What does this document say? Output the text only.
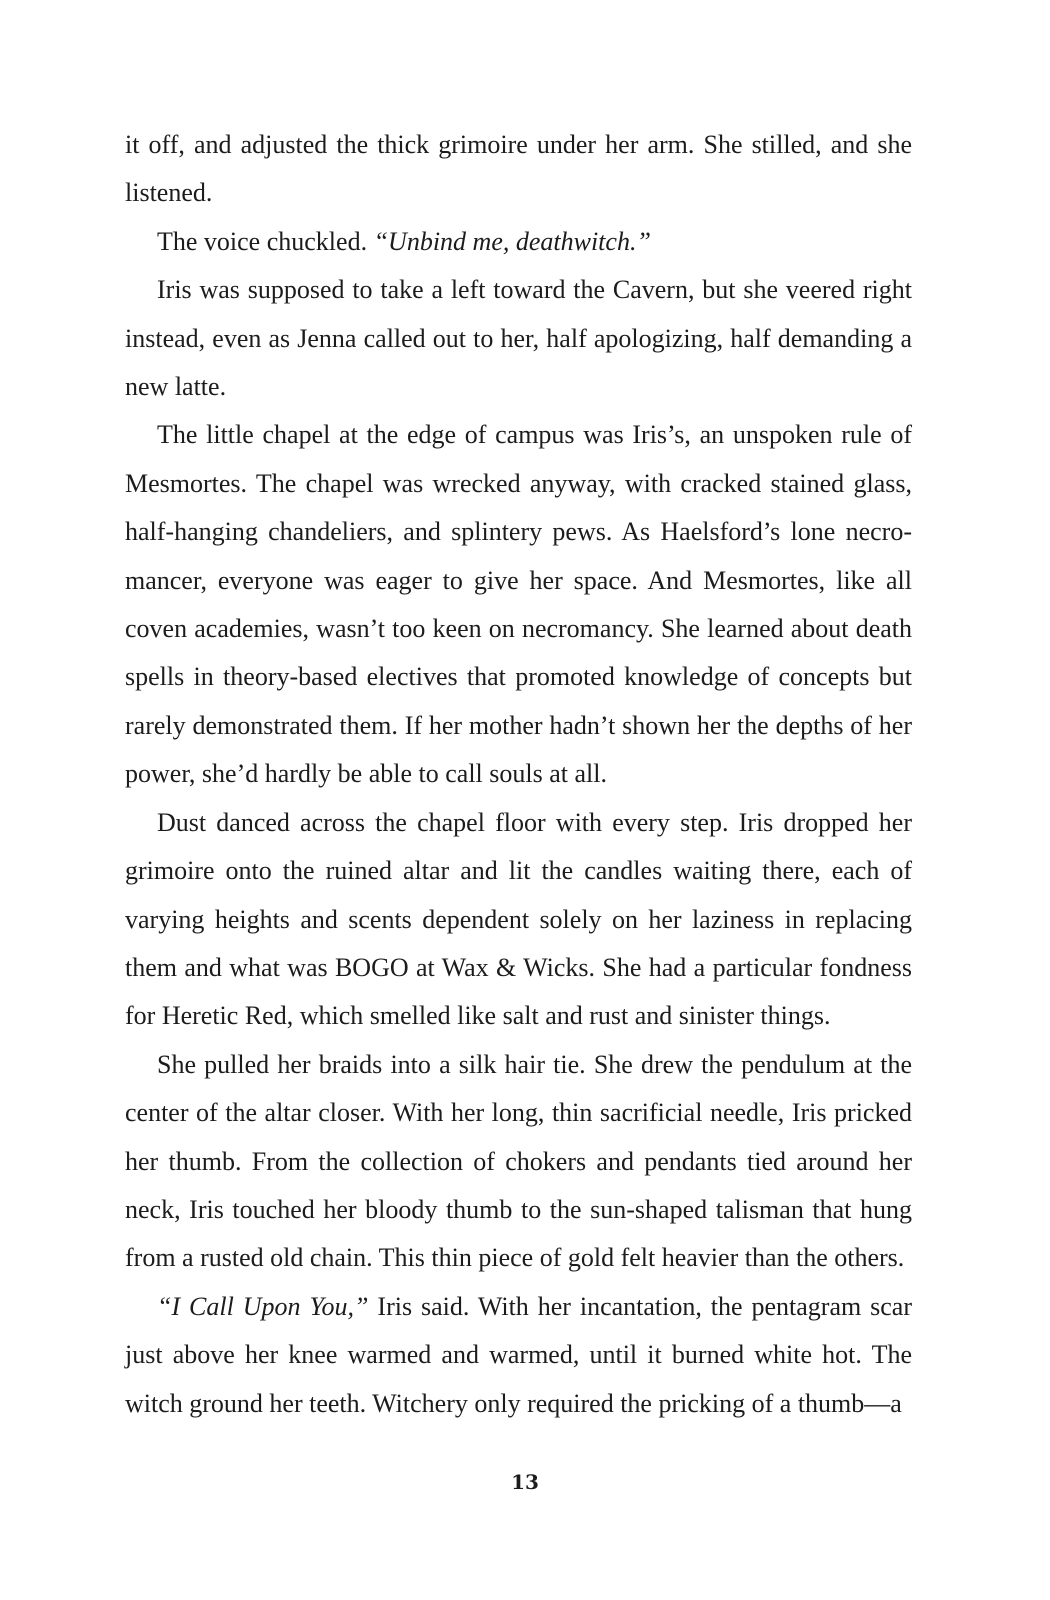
it off, and adjusted the thick grimoire under her arm. She stilled, and she listened.

The voice chuckled. “Unbind me, deathwitch.”

Iris was supposed to take a left toward the Cavern, but she veered right instead, even as Jenna called out to her, half apologizing, half demanding a new latte.

The little chapel at the edge of campus was Iris’s, an unspoken rule of Mesmortes. The chapel was wrecked anyway, with cracked stained glass, half-hanging chandeliers, and splintery pews. As Haelsford’s lone necromancer, everyone was eager to give her space. And Mesmortes, like all coven academies, wasn’t too keen on necromancy. She learned about death spells in theory-based electives that promoted knowledge of concepts but rarely demonstrated them. If her mother hadn’t shown her the depths of her power, she’d hardly be able to call souls at all.

Dust danced across the chapel floor with every step. Iris dropped her grimoire onto the ruined altar and lit the candles waiting there, each of varying heights and scents dependent solely on her laziness in replacing them and what was BOGO at Wax & Wicks. She had a particular fondness for Heretic Red, which smelled like salt and rust and sinister things.

She pulled her braids into a silk hair tie. She drew the pendulum at the center of the altar closer. With her long, thin sacrificial needle, Iris pricked her thumb. From the collection of chokers and pendants tied around her neck, Iris touched her bloody thumb to the sun-shaped talisman that hung from a rusted old chain. This thin piece of gold felt heavier than the others.

“I Call Upon You,” Iris said. With her incantation, the pentagram scar just above her knee warmed and warmed, until it burned white hot. The witch ground her teeth. Witchery only required the pricking of a thumb—a

13
